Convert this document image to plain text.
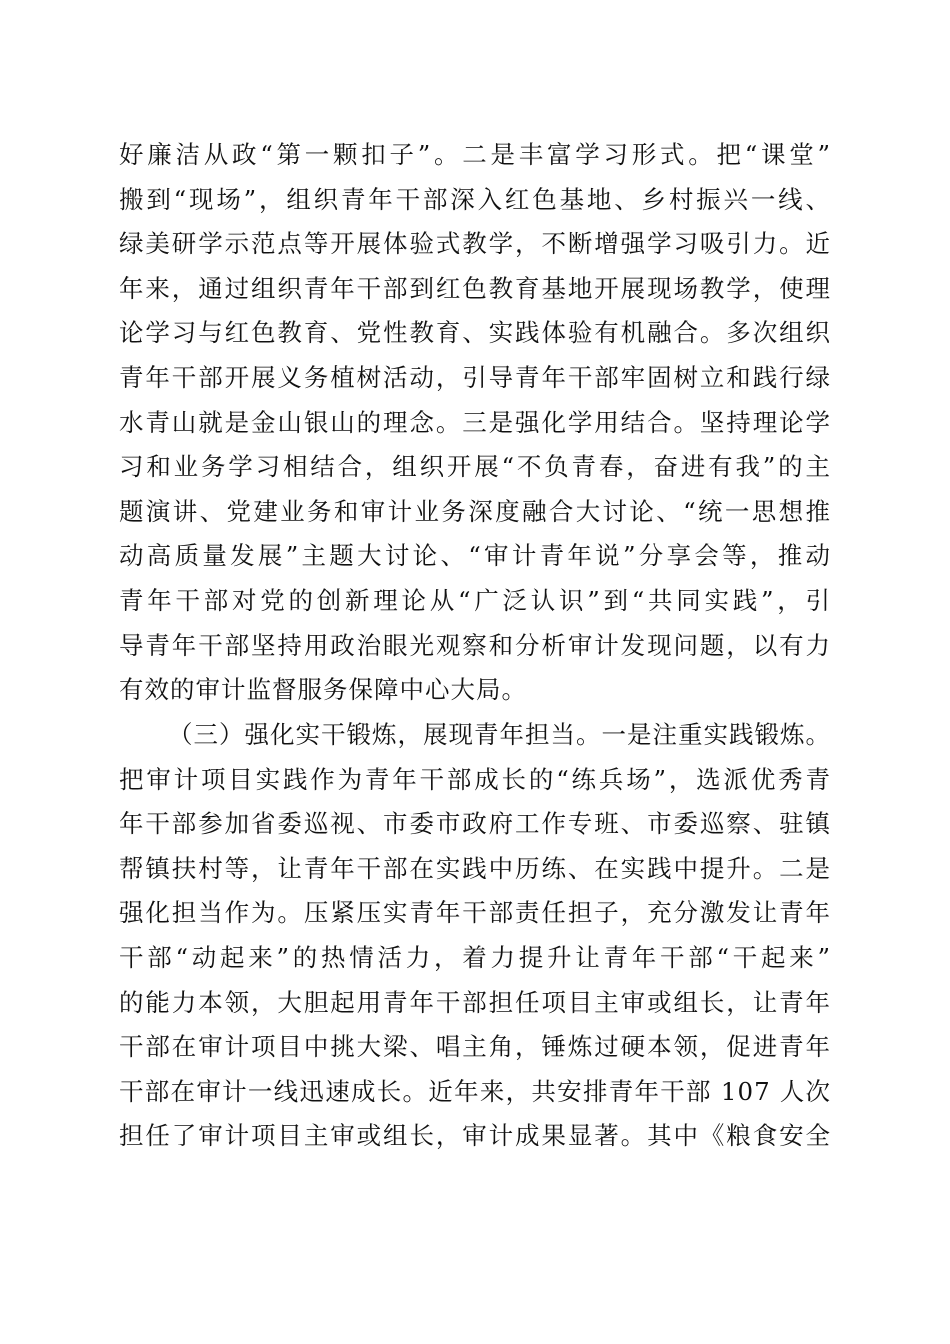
好廉洁从政“第一颗扣子”。二是丰富学习形式。把“课堂”
搬到“现场”，组织青年干部深入红色基地、乡村振兴一线、
绿美研学示范点等开展体验式教学，不断增强学习吸引力。近
年来，通过组织青年干部到红色教育基地开展现场教学，使理
论学习与红色教育、党性教育、实践体验有机融合。多次组织
青年干部开展义务植树活动，引导青年干部牢固树立和践行绿
水青山就是金山银山的理念。三是强化学用结合。坚持理论学
习和业务学习相结合，组织开展“不负青春，奋进有我”的主
题演讲、党建业务和审计业务深度融合大讨论、“统一思想推
动高质量发展”主题大讨论、“审计青年说”分享会等，推动
青年干部对党的创新理论从“广泛认识”到“共同实践”，引
导青年干部坚持用政治眼光观察和分析审计发现问题，以有力
有效的审计监督服务保障中心大局。
（三）强化实干锻炼，展现青年担当。一是注重实践锻炼。
把审计项目实践作为青年干部成长的“练兵场”，选派优秀青
年干部参加省委巡视、市委市政府工作专班、市委巡察、驻镇
帮镇扶村等，让青年干部在实践中历练、在实践中提升。二是
强化担当作为。压紧压实青年干部责任担子，充分激发让青年
干部“动起来”的热情活力，着力提升让青年干部“干起来”
的能力本领，大胆起用青年干部担任项目主审或组长，让青年
干部在审计项目中挑大梁、唱主角，锤炼过硬本领，促进青年
干部在审计一线迅速成长。近年来，共安排青年干部 107 人次
担任了审计项目主审或组长，审计成果显著。其中《粮食安全
